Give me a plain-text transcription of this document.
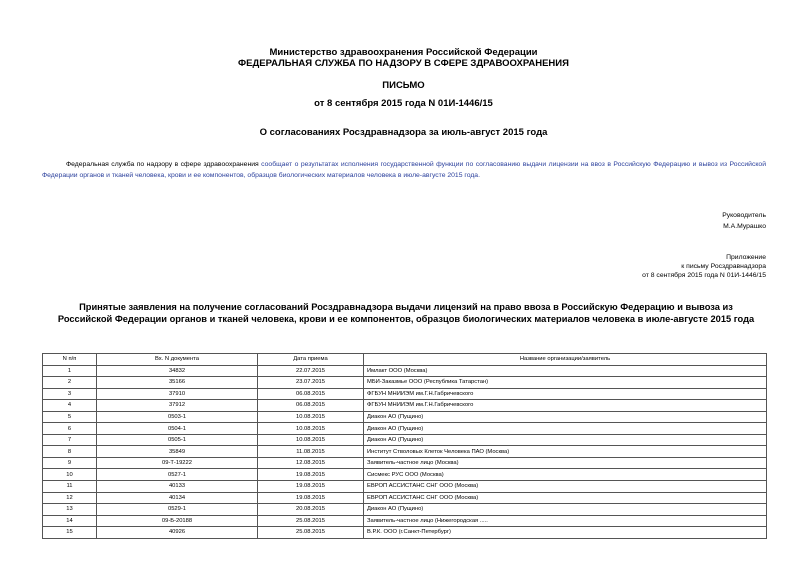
Министерство здравоохранения Российской Федерации
ФЕДЕРАЛЬНАЯ СЛУЖБА ПО НАДЗОРУ В СФЕРЕ ЗДРАВООХРАНЕНИЯ
ПИСЬМО
от 8 сентября 2015 года N 01И-1446/15
О согласованиях Росздравнадзора за июль-август 2015 года
Федеральная служба по надзору в сфере здравоохранения сообщает о результатах исполнения государственной функции по согласованию выдачи лицензии на ввоз в Российскую Федерацию и вывоз из Российской Федерации органов и тканей человека, крови и ее компонентов, образцов биологических материалов человека в июле-августе 2015 года.
Руководитель
М.А.Мурашко
Приложение
к письму Росздравнадзора
от 8 сентября 2015 года N 01И-1446/15
Принятые заявления на получение согласований Росздравнадзора выдачи лицензий на право ввоза в Российскую Федерацию и вывоза из Российской Федерации органов и тканей человека, крови и ее компонентов, образцов биологических материалов человека в июле-августе 2015 года
N п/п	Вх. N документа	Дата приема	Название организации/заявитель
1	34832	22.07.2015	Имлакт ООО (Москва)
2	35166	23.07.2015	МБИ-Заказмье ООО (Республика Татарстан)
3	37910	06.08.2015	ФГБУН МНИИЭМ им.Г.Н.Габричевского
4	37912	06.08.2015	ФГБУН МНИИЭМ им.Г.Н.Габричевского
5	0503-1	10.08.2015	Диакон АО (Пущино)
6	0504-1	10.08.2015	Диакон АО (Пущино)
7	0505-1	10.08.2015	Диакон АО (Пущино)
8	35849	11.08.2015	Институт Стволовых Клеток Человека ПАО (Москва)
9	09-Т-19222	12.08.2015	Заявитель-частное лицо (Москва)
10	0527-1	19.08.2015	Сисмекс РУС ООО (Москва)
11	40133	19.08.2015	ЕВРОП АССИСТАНС СНГ ООО (Москва)
12	40134	19.08.2015	ЕВРОП АССИСТАНС СНГ ООО (Москва)
13	0529-1	20.08.2015	Диакон АО (Пущино)
14	09-Б-20188	25.08.2015	Заявитель-частное лицо (Нижегородская .....
15	40926	25.08.2015	В.Р.К. ООО (г.Санкт-Петербург)
